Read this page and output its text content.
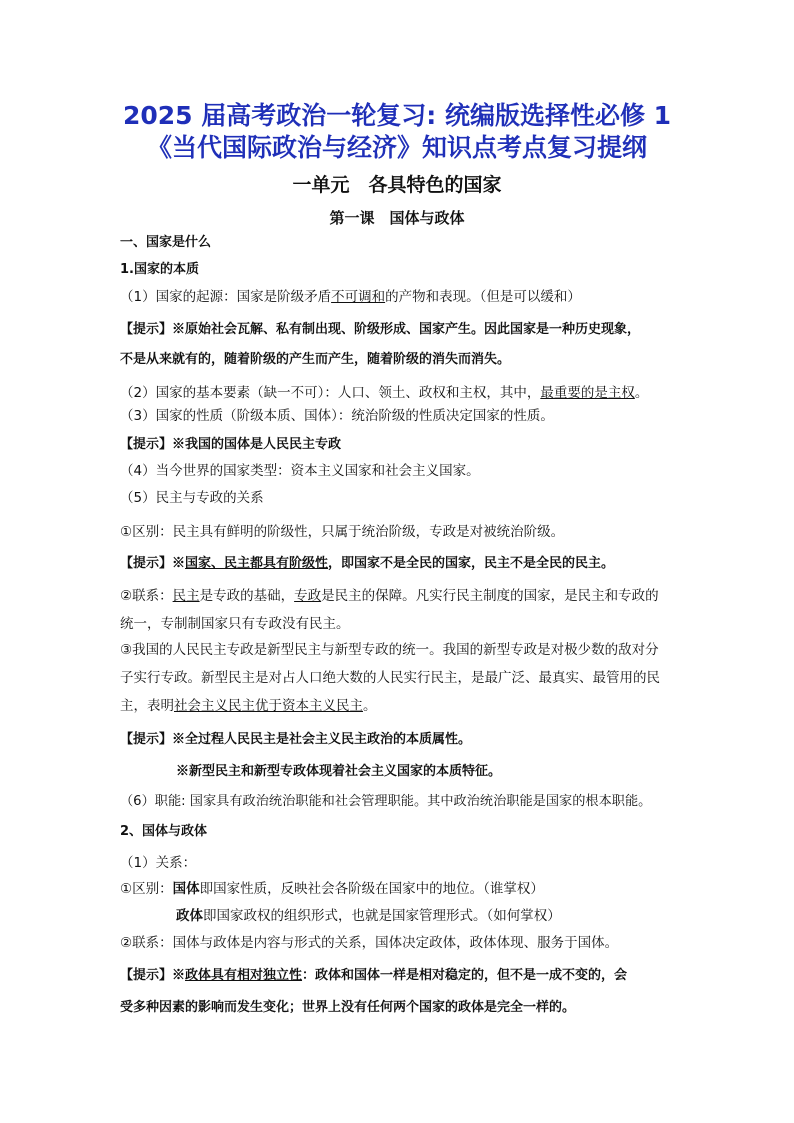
2025 届高考政治一轮复习: 统编版选择性必修 1《当代国际政治与经济》知识点考点复习提纲
一单元　各具特色的国家
第一课　国体与政体
一、国家是什么
1.国家的本质
（1）国家的起源：国家是阶级矛盾不可调和的产物和表现。（但是可以缓和）
【提示】※原始社会瓦解、私有制出现、阶级形成、国家产生。因此国家是一种历史现象，
不是从来就有的，随着阶级的产生而产生，随着阶级的消失而消失。
（2）国家的基本要素（缺一不可）：人口、领土、政权和主权，其中，最重要的是主权。
（3）国家的性质（阶级本质、国体）：统治阶级的性质决定国家的性质。
【提示】※我国的国体是人民民主专政
（4）当今世界的国家类型：资本主义国家和社会主义国家。
（5）民主与专政的关系
①区别：民主具有鲜明的阶级性，只属于统治阶级，专政是对被统治阶级。
【提示】※国家、民主都具有阶级性，即国家不是全民的国家，民主不是全民的民主。
②联系：民主是专政的基础，专政是民主的保障。凡实行民主制度的国家，是民主和专政的
统一，专制制国家只有专政没有民主。
③我国的人民民主专政是新型民主与新型专政的统一。我国的新型专政是对极少数的敌对分
子实行专政。新型民主是对占人口绝大数的人民实行民主，是最广泛、最真实、最管用的民
主，表明社会主义民主优于资本主义民主。
【提示】※全过程人民民主是社会主义民主政治的本质属性。
※新型民主和新型专政体现着社会主义国家的本质特征。
（6）职能: 国家具有政治统治职能和社会管理职能。其中政治统治职能是国家的根本职能。
2、国体与政体
（1）关系：
①区别：国体即国家性质，反映社会各阶级在国家中的地位。（谁掌权）
政体即国家政权的组织形式，也就是国家管理形式。（如何掌权）
②联系：国体与政体是内容与形式的关系，国体决定政体，政体体现、服务于国体。
【提示】※政体具有相对独立性：政体和国体一样是相对稳定的，但不是一成不变的，会
受多种因素的影响而发生变化；世界上没有任何两个国家的政体是完全一样的。
